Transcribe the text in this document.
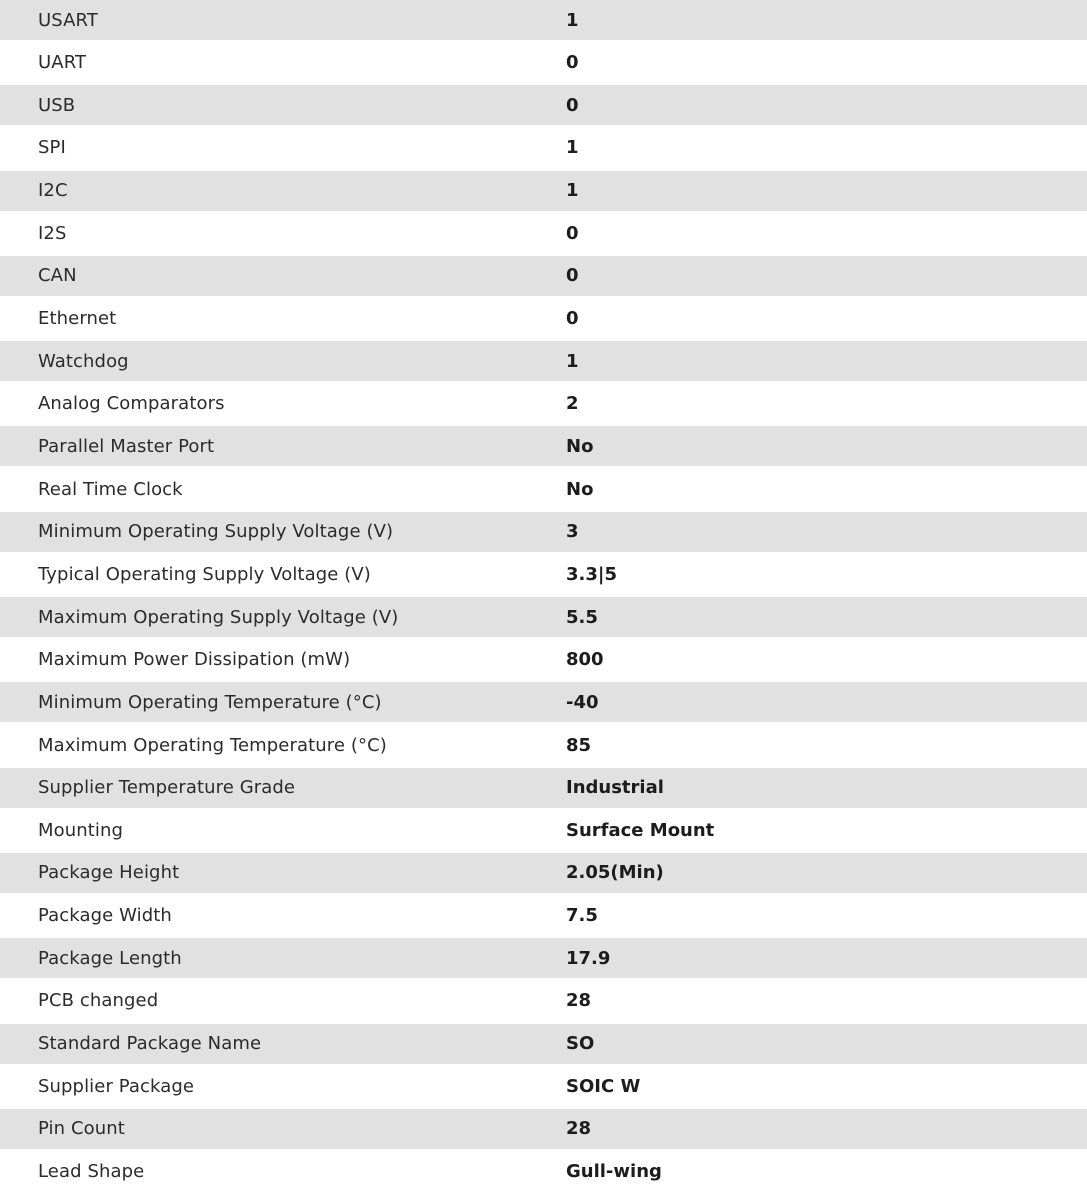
USART	1
UART	0
USB	0
SPI	1
I2C	1
I2S	0
CAN	0
Ethernet	0
Watchdog	1
Analog Comparators	2
Parallel Master Port	No
Real Time Clock	No
Minimum Operating Supply Voltage (V)	3
Typical Operating Supply Voltage (V)	3.3|5
Maximum Operating Supply Voltage (V)	5.5
Maximum Power Dissipation (mW)	800
Minimum Operating Temperature (°C)	-40
Maximum Operating Temperature (°C)	85
Supplier Temperature Grade	Industrial
Mounting	Surface Mount
Package Height	2.05(Min)
Package Width	7.5
Package Length	17.9
PCB changed	28
Standard Package Name	SO
Supplier Package	SOIC W
Pin Count	28
Lead Shape	Gull-wing
